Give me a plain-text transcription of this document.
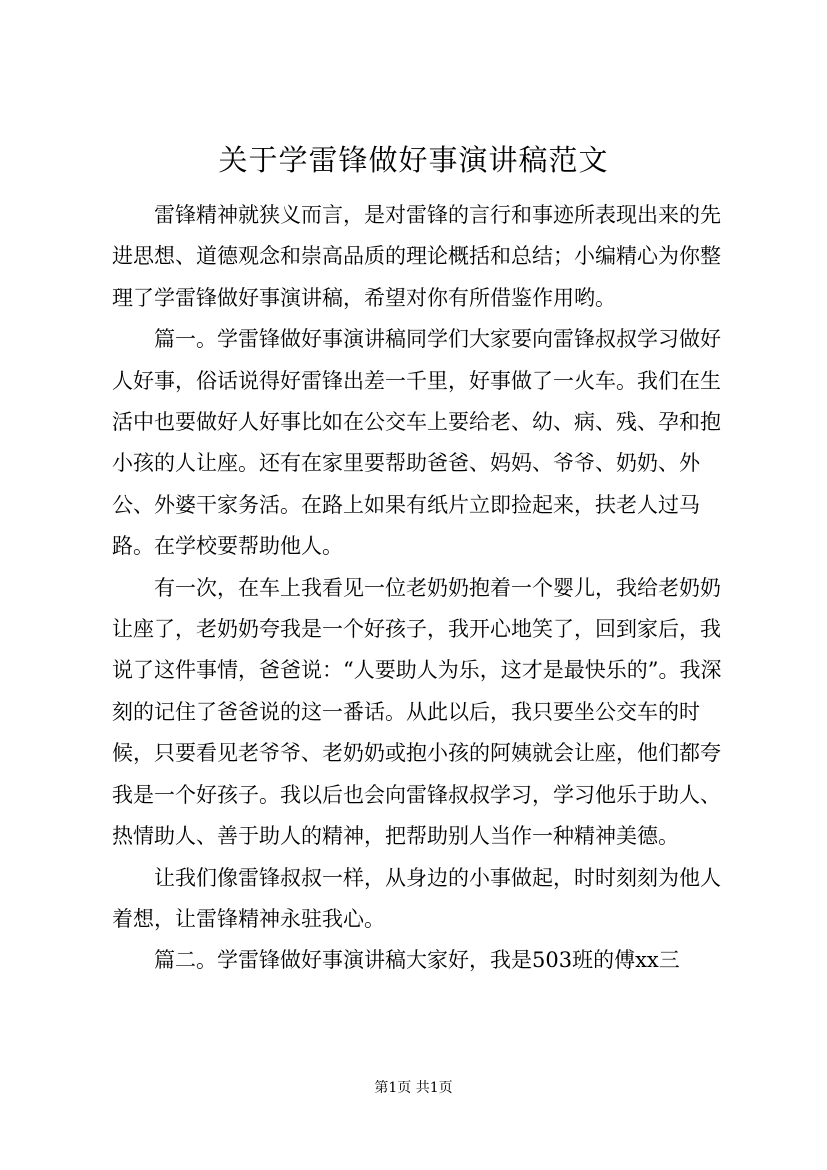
关于学雷锋做好事演讲稿范文

雷锋精神就狭义而言，是对雷锋的言行和事迹所表现出来的先进思想、道德观念和崇高品质的理论概括和总结；小编精心为你整理了学雷锋做好事演讲稿，希望对你有所借鉴作用哟。

篇一。学雷锋做好事演讲稿同学们大家要向雷锋叔叔学习做好人好事，俗话说得好雷锋出差一千里，好事做了一火车。我们在生活中也要做好人好事比如在公交车上要给老、幼、病、残、孕和抱小孩的人让座。还有在家里要帮助爸爸、妈妈、爷爷、奶奶、外公、外婆干家务活。在路上如果有纸片立即捡起来，扶老人过马路。在学校要帮助他人。

有一次，在车上我看见一位老奶奶抱着一个婴儿，我给老奶奶让座了，老奶奶夸我是一个好孩子，我开心地笑了，回到家后，我说了这件事情，爸爸说：“人要助人为乐，这才是最快乐的”。我深刻的记住了爸爸说的这一番话。从此以后，我只要坐公交车的时候，只要看见老爷爷、老奶奶或抱小孩的阿姨就会让座，他们都夸我是一个好孩子。我以后也会向雷锋叔叔学习，学习他乐于助人、热情助人、善于助人的精神，把帮助别人当作一种精神美德。

让我们像雷锋叔叔一样，从身边的小事做起，时时刻刻为他人着想，让雷锋精神永驻我心。

篇二。学雷锋做好事演讲稿大家好，我是503班的傅xx三

第1页 共1页
